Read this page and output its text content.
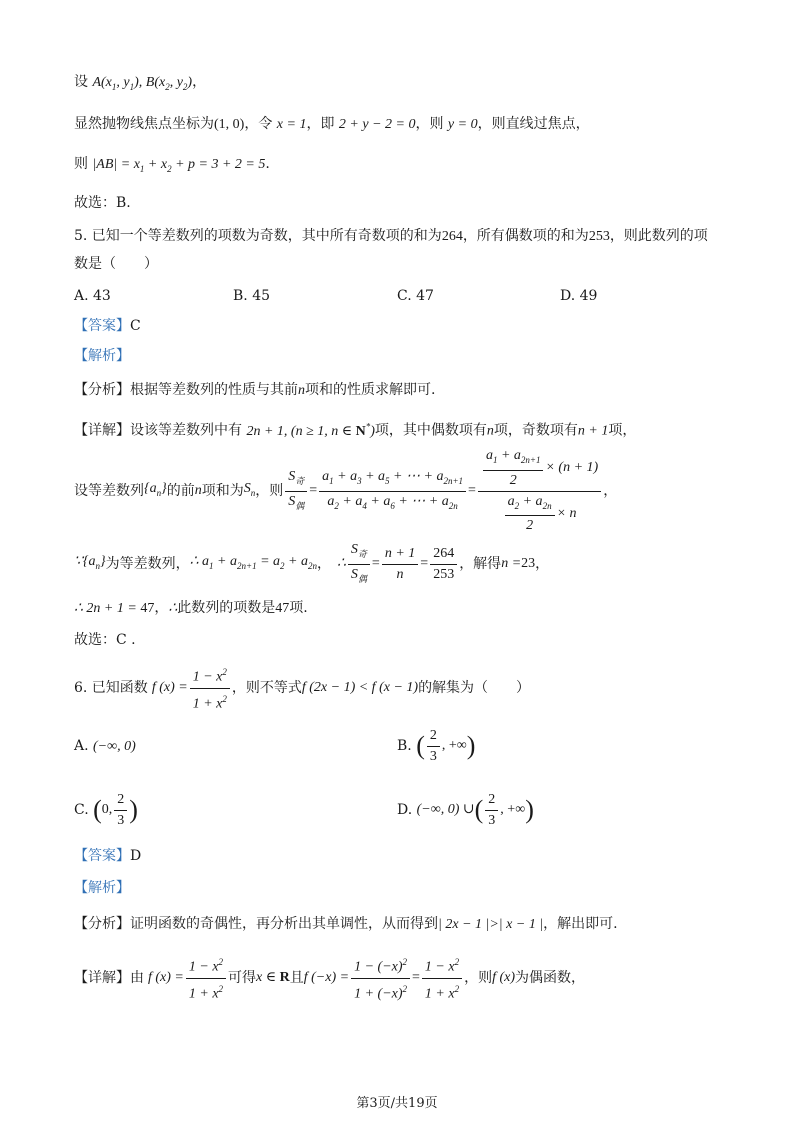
设 $A(x_1$, $y_1$), $B(x_2$, $y_2$)，
显然抛物线焦点坐标为(1, 0)，令 x = 1，即 2 + y − 2 = 0，则 y = 0，则直线过焦点，
则 $|AB| = x_1 + x_2 + p = 3 + 2 = 5$.
故选：B.
5. 已知一个等差数列的项数为奇数，其中所有奇数项的和为264，所有偶数项的和为253，则此数列的项
数是（　　）
A. 43	B. 45	C. 47	D. 49
【答案】C
【解析】
【分析】根据等差数列的性质与其前n项和的性质求解即可.
【详解】设该等差数列中有 2n + 1, (n ≥ 1, n ∈ N*)项，其中偶数项有n项，奇数项有n + 1项，
设等差数列 $\{a_n\}$ 的前 n 项和为 $S_n$ ，则 $\frac{S_奇}{S_偶} = \frac{a_1 + a_3 + a_5 + \cdots + a_{2n+1}}{a_2 + a_4 + a_6 + \cdots + a_{2n}} = \frac{\frac{a_1 + a_{2n+1}}{2} \times (n + 1)}{\frac{a_2 + a_{2n}}{2} \times n}$ ，
$\because\{a_n\}$ 为等差数列， ∴ $a_1 + a_{2n+1} = a_2 + a_{2n}$ ， ∴ $\frac{S_奇}{S_偶} = \frac{n + 1}{n} = \frac{264}{253}$ ，解得 n = 23 ，
∴ 2n + 1 = 47，∴此数列的项数是47项.
故选：C .
6. 已知函数 f $(x) = \frac{1 - x^2}{1 + x^2}$ ，则不等式 f (2x − 1) < f (x − 1) 的解集为（　　）
A. (−∞, 0)	B.
( $\frac{2}{3}$ , +∞ )
C.
( 0, $\frac{2}{3}$ )	D.
(−∞, 0) ∪ ( $\frac{2}{3}$ , +∞ )
【答案】D
【解析】
【分析】证明函数的奇偶性，再分析出其单调性，从而得到| 2x − 1 |>| x − 1 |，解出即可.
【详解】 由 f $(x) = \frac{1 - x^2}{1 + x^2}$ 可得 x ∈ R 且 f $(-x) = \frac{1 - (-x)^2}{1 + (-x)^2} = \frac{1 - x^2}{1 + x^2}$ ，则 f (x) 为偶函数，
第3页/共19页
